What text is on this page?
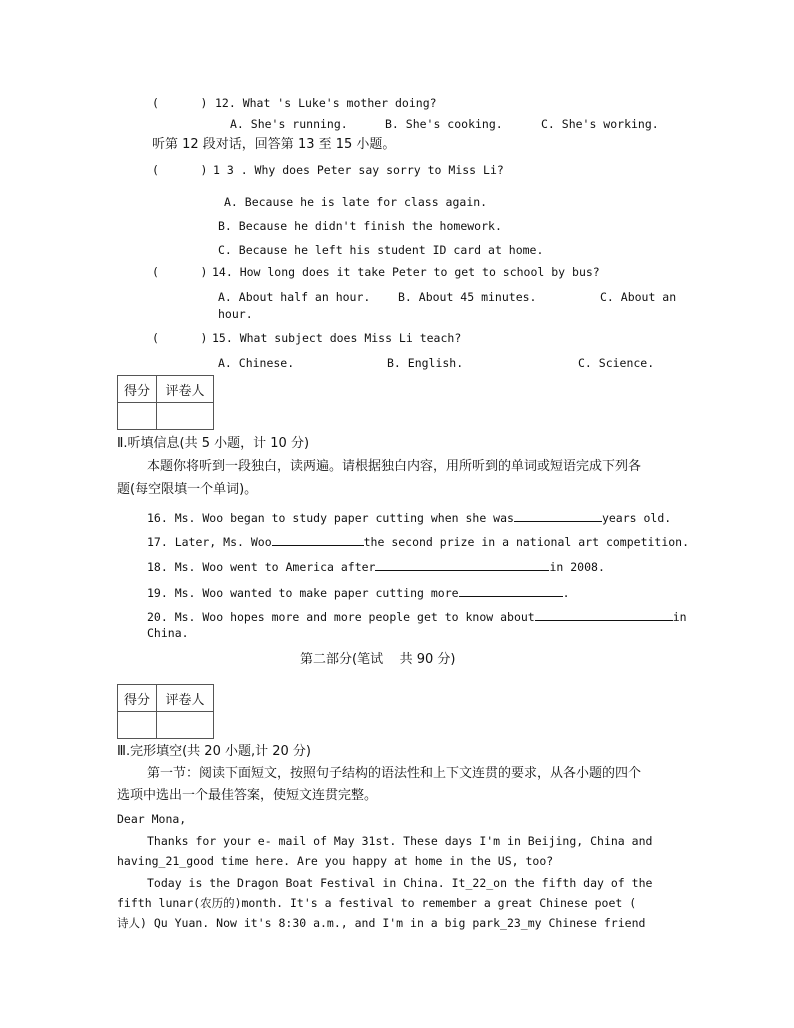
(      ) 12. What 's Luke's mother doing?
A. She's running.	B. She's cooking.	C. She's working.
听第 12 段对话，回答第 13 至 15 小题。
(      ) 1 3 . Why does Peter say sorry to Miss Li?
A. Because he is late for class again.
B. Because he didn't finish the homework.
C. Because he left his student ID card at home.
(      ) 14. How long does it take Peter to get to school by bus?
A. About half an hour. B. About 45 minutes.	C. About an
hour.
(      ) 15. What subject does Miss Li teach?
A. Chinese.	B. English.	C. Science.
得分	评卷人

Ⅱ.听填信息(共 5 小题，计 10 分)
本题你将听到一段独白，读两遍。请根据独白内容，用所听到的单词或短语完成下列各
题(每空限填一个单词)。
16. Ms. Woo began to study paper cutting when she was	years old.
17. Later, Ms. Woo	the second prize in a national art competition.
18. Ms. Woo went to America after	in 2008.
19. Ms. Woo wanted to make paper cutting more	.
20. Ms. Woo hopes more and more people get to know about	in
China.
第二部分(笔试    共 90 分)
得分	评卷人

Ⅲ.完形填空(共 20 小题,计 20 分)
第一节：阅读下面短文，按照句子结构的语法性和上下文连贯的要求，从各小题的四个
选项中选出一个最佳答案，使短文连贯完整。
Dear Mona,
Thanks for your e- mail of May 31st. These days I'm in Beijing, China and
having_21_good time here. Are you happy at home in the US, too?
Today is the Dragon Boat Festival in China. It_22_on the fifth day of the
fifth lunar(农历的)month. It's a festival to remember a great Chinese poet (
诗人) Qu Yuan. Now it's 8:30 a.m., and I'm in a big park_23_my Chinese friend
